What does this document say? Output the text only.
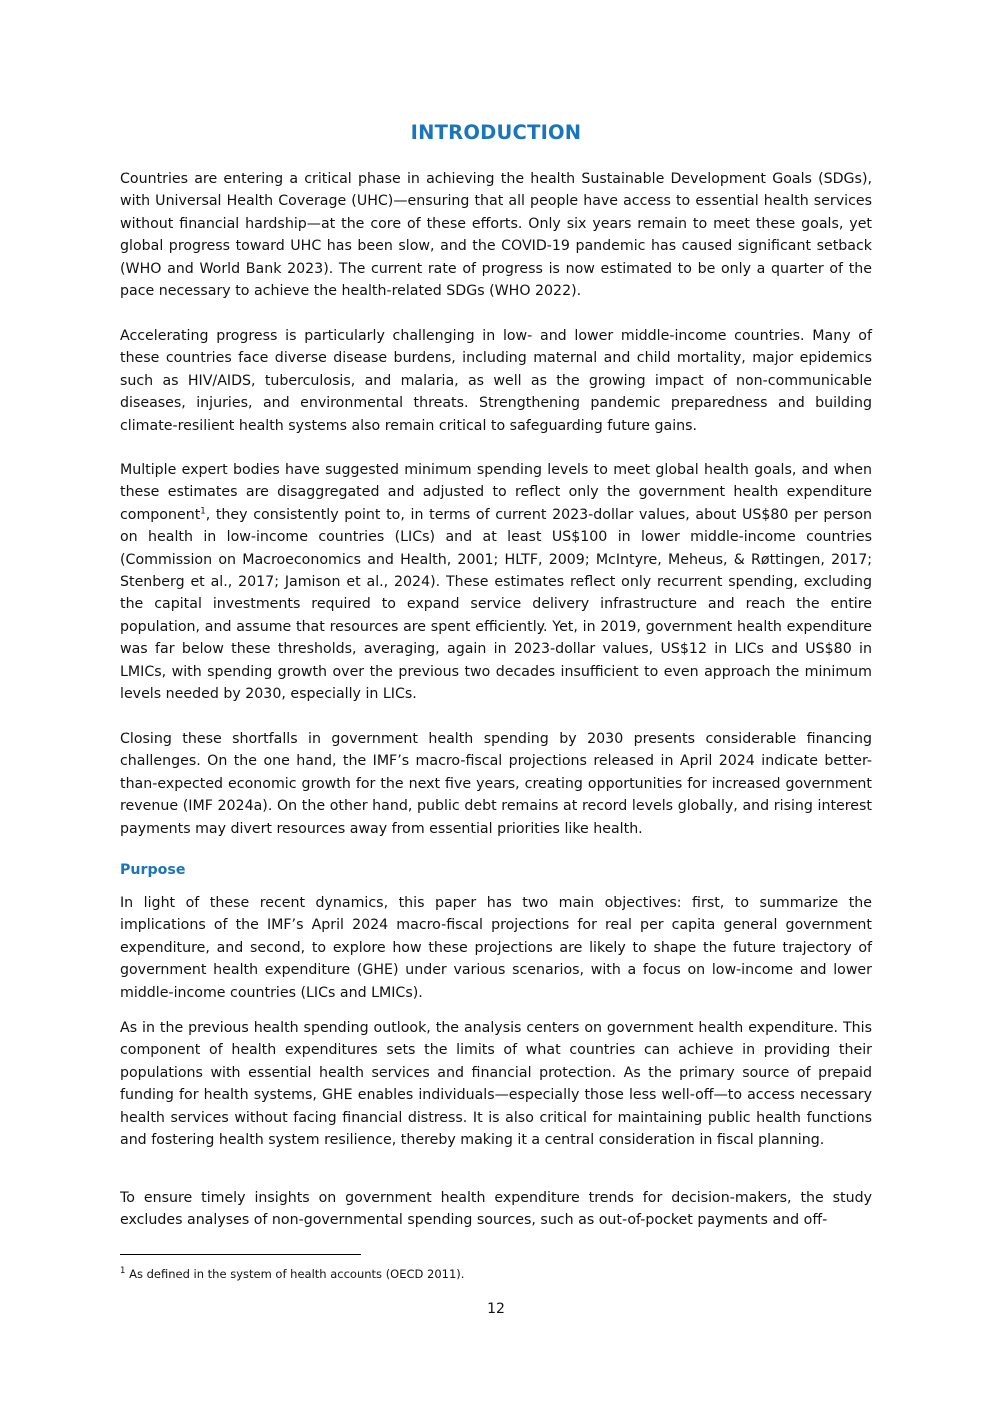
INTRODUCTION

Countries are entering a critical phase in achieving the health Sustainable Development Goals (SDGs), with Universal Health Coverage (UHC)—ensuring that all people have access to essential health services without financial hardship—at the core of these efforts. Only six years remain to meet these goals, yet global progress toward UHC has been slow, and the COVID-19 pandemic has caused significant setback (WHO and World Bank 2023). The current rate of progress is now estimated to be only a quarter of the pace necessary to achieve the health-related SDGs (WHO 2022).

Accelerating progress is particularly challenging in low- and lower middle-income countries. Many of these countries face diverse disease burdens, including maternal and child mortality, major epidemics such as HIV/AIDS, tuberculosis, and malaria, as well as the growing impact of non-communicable diseases, injuries, and environmental threats. Strengthening pandemic preparedness and building climate-resilient health systems also remain critical to safeguarding future gains.

Multiple expert bodies have suggested minimum spending levels to meet global health goals, and when these estimates are disaggregated and adjusted to reflect only the government health expenditure component$^1$, they consistently point to, in terms of current 2023-dollar values, about US$80 per person on health in low-income countries (LICs) and at least US$100 in lower middle-income countries (Commission on Macroeconomics and Health, 2001; HLTF, 2009; McIntyre, Meheus, & Røttingen, 2017; Stenberg et al., 2017; Jamison et al., 2024). These estimates reflect only recurrent spending, excluding the capital investments required to expand service delivery infrastructure and reach the entire population, and assume that resources are spent efficiently. Yet, in 2019, government health expenditure was far below these thresholds, averaging, again in 2023-dollar values, US$12 in LICs and US$80 in LMICs, with spending growth over the previous two decades insufficient to even approach the minimum levels needed by 2030, especially in LICs.

Closing these shortfalls in government health spending by 2030 presents considerable financing challenges. On the one hand, the IMF’s macro-fiscal projections released in April 2024 indicate better-than-expected economic growth for the next five years, creating opportunities for increased government revenue (IMF 2024a). On the other hand, public debt remains at record levels globally, and rising interest payments may divert resources away from essential priorities like health.

Purpose

In light of these recent dynamics, this paper has two main objectives: first, to summarize the implications of the IMF’s April 2024 macro-fiscal projections for real per capita general government expenditure, and second, to explore how these projections are likely to shape the future trajectory of government health expenditure (GHE) under various scenarios, with a focus on low-income and lower middle-income countries (LICs and LMICs).

As in the previous health spending outlook, the analysis centers on government health expenditure. This component of health expenditures sets the limits of what countries can achieve in providing their populations with essential health services and financial protection. As the primary source of prepaid funding for health systems, GHE enables individuals—especially those less well-off—to access necessary health services without facing financial distress. It is also critical for maintaining public health functions and fostering health system resilience, thereby making it a central consideration in fiscal planning.

To ensure timely insights on government health expenditure trends for decision-makers, the study excludes analyses of non-governmental spending sources, such as out-of-pocket payments and off-

$^1$ As defined in the system of health accounts (OECD 2011).
12
